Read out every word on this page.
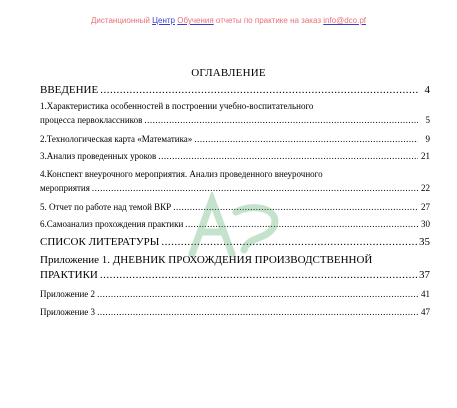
Дистанционный Центр Обучения отчеты по практике на заказ info@dco.pf
ОГЛАВЛЕНИЕ
ВВЕДЕНИЕ .....	4
1.Характеристика особенностей в построении учебно-воспитательного
процесса первоклассников .....	5
2.Технологическая карта «Математика» .....	9
3.Анализ проведенных уроков .....	21
4.Конспект внеурочного мероприятия. Анализ проведенного внеурочного
мероприятия .....	22
5. Отчет по работе над темой ВКР .....	27
6.Самоанализ прохождения практики .....	30
СПИСОК ЛИТЕРАТУРЫ .....	35
Приложение 1. ДНЕВНИК ПРОХОЖДЕНИЯ ПРОИЗВОДСТВЕННОЙ
ПРАКТИКИ .....	37
Приложение 2 .....	41
Приложение 3 .....	47
